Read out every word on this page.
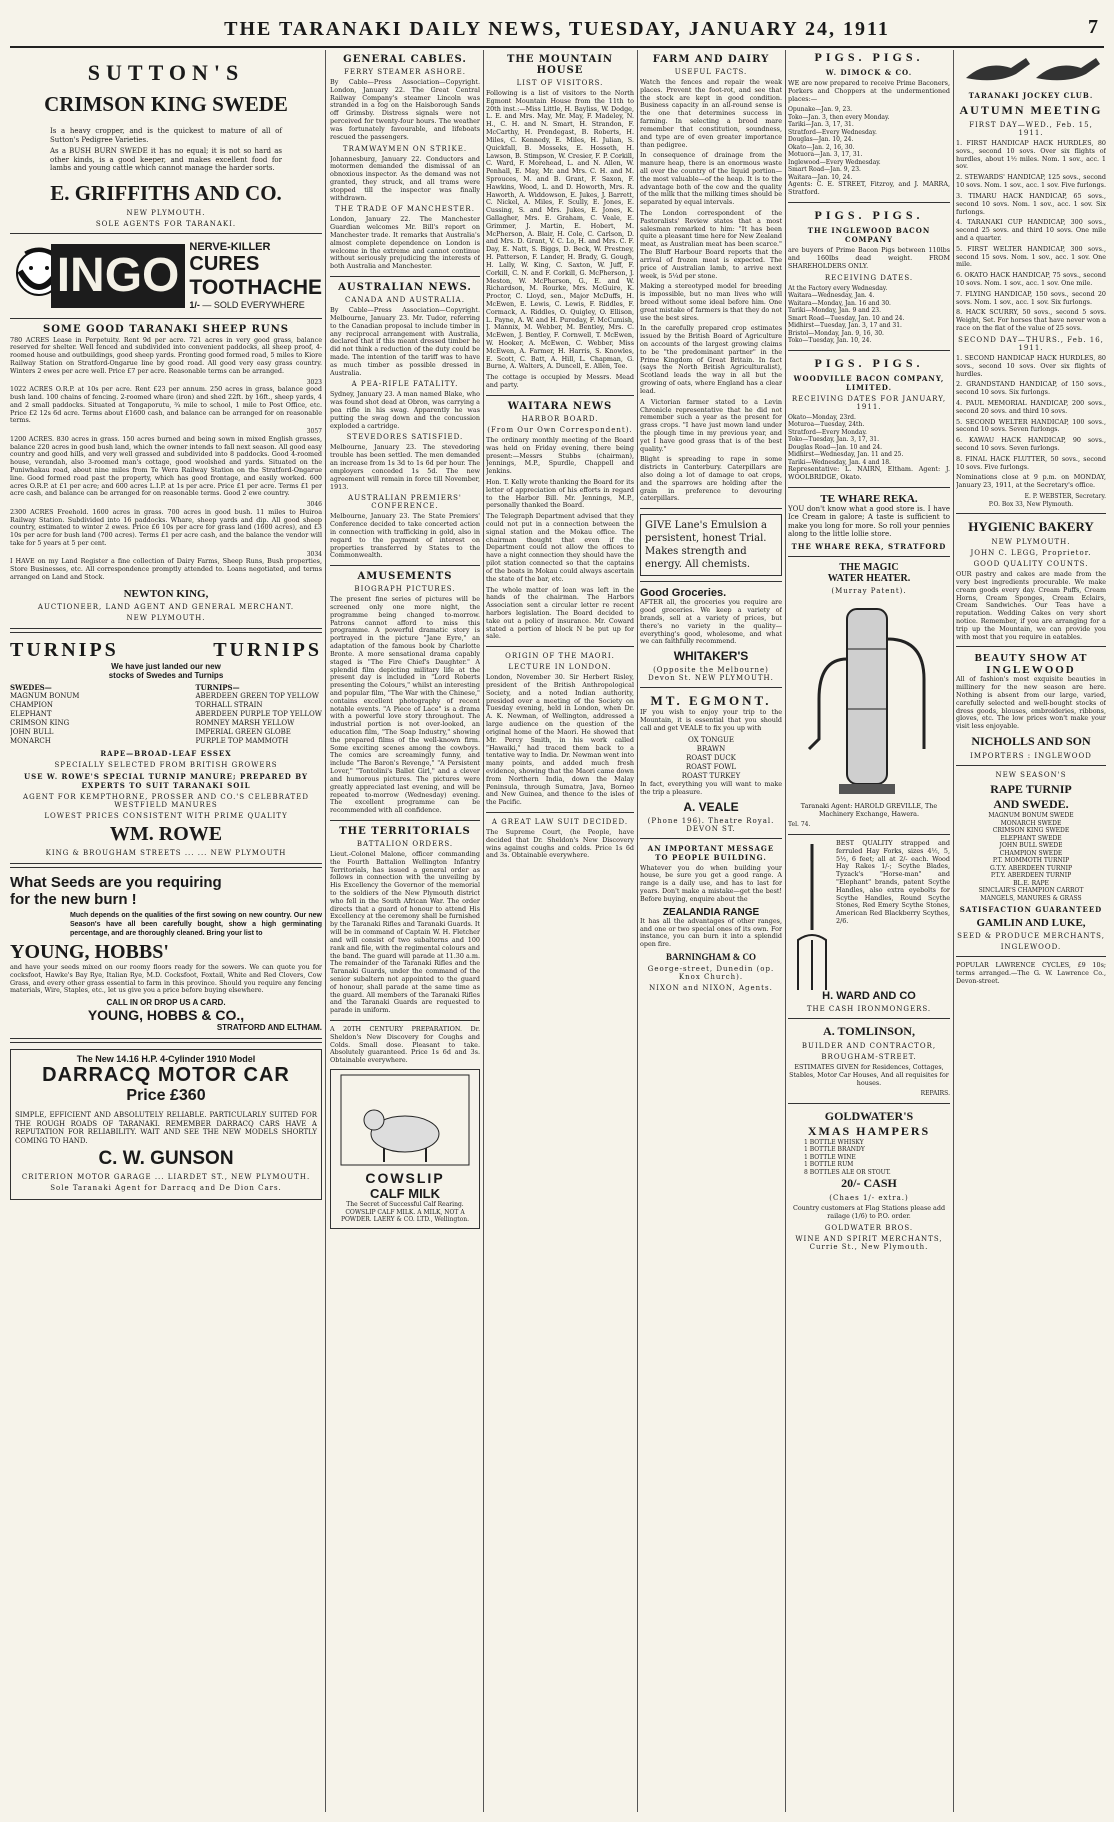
THE TARANAKI DAILY NEWS, TUESDAY, JANUARY 24, 1911	7
SUTTON'S
CRIMSON KING SWEDE

Is a heavy cropper, and is the quickest to mature of all of Sutton's Pedigree Varieties.

As a BUSH BURN SWEDE it has no equal; it is not so hard as other kinds, is a good keeper, and makes excellent food for lambs and young cattle which cannot manage the harder sorts.

E. GRIFFITHS AND CO.
NEW PLYMOUTH.
SOLE AGENTS FOR TARANAKI.
INGO
NERVE-KILLER
CURES
TOOTHACHE
1/- — SOLD EVERYWHERE
SOME GOOD TARANAKI SHEEP RUNS

780 ACRES Lease in Perpetuity. Rent 9d per acre. 721 acres in very good grass, balance reserved for shelter. Well fenced and subdivided into convenient paddocks, all sheep proof, 4-roomed house and outbuildings, good sheep yards. Fronting good formed road, 5 miles to Kiore Railway Station on Stratford-Ongarue line by good road. All good very easy grass country. Winters 2 ewes per acre well. Price £7 per acre. Reasonable terms can be arranged.

3023

1022 ACRES O.R.P. at 10s per acre. Rent £23 per annum. 250 acres in grass, balance good bush land. 100 chains of fencing. 2-roomed whare (iron) and shed 22ft. by 16ft., sheep yards, 4 and 2 small paddocks. Situated at Tongaporutu, ¾ mile to school, 1 mile to Post Office, etc. Price £2 12s 6d acre. Terms about £1600 cash, and balance can be arranged for on reasonable terms.

3057

1200 ACRES. 830 acres in grass. 150 acres burned and being sown in mixed English grasses, balance 220 acres in good bush land, which the owner intends to fall next season. All good easy country and good hills, and very well grassed and subdivided into 8 paddocks. Good 4-roomed house, verandah, also 3-roomed man's cottage, good woolshed and yards. Situated on the Puniwhakau road, about nine miles from Te Wera Railway Station on the Stratford-Ongarue line. Good formed road past the property, which has good frontage, and easily worked. 600 acres O.R.P. at £1 per acre; and 600 acres L.I.P. at 1s per acre. Price £1 per acre. Terms £1 per acre cash, and balance can be arranged for on reasonable terms. Good 2 ewe country.

3046

2300 ACRES Freehold. 1600 acres in grass. 700 acres in good bush. 11 miles to Huiroa Railway Station. Subdivided into 16 paddocks. Whare, sheep yards and dip. All good sheep country, estimated to winter 2 ewes. Price £6 10s per acre for grass land (1600 acres), and £3 10s per acre for bush land (700 acres). Terms £1 per acre cash, and the balance the vendor will take for 5 years at 5 per cent.

3034

I HAVE on my Land Register a fine collection of Dairy Farms, Sheep Runs, Bush properties, Store Businesses, etc. All correspondence promptly attended to. Loans negotiated, and terms arranged on Land and Stock.

NEWTON KING,
AUCTIONEER, LAND AGENT AND GENERAL MERCHANT.
NEW PLYMOUTH.
TURNIPS	TURNIPS
We have just landed our new
stocks of Swedes and Turnips
SWEDES—
MAGNUM BONUM
CHAMPION
ELEPHANT
CRIMSON KING
JOHN BULL
MONARCH
TURNIPS—
ABERDEEN GREEN TOP YELLOW
TORHALL STRAIN
ABERDEEN PURPLE TOP YELLOW
ROMNEY MARSH YELLOW
IMPERIAL GREEN GLOBE
PURPLE TOP MAMMOTH
RAPE—BROAD-LEAF ESSEX
SPECIALLY SELECTED FROM BRITISH GROWERS
USE W. ROWE'S SPECIAL TURNIP MANURE; PREPARED BY EXPERTS TO SUIT TARANAKI SOIL
AGENT FOR KEMPTHORNE, PROSSER AND CO.'S CELEBRATED WESTFIELD MANURES
LOWEST PRICES CONSISTENT WITH PRIME QUALITY
WM. ROWE
KING & BROUGHAM STREETS ... ... NEW PLYMOUTH
What Seeds are you requiring
for the new burn !

Much depends on the qualities of the first sowing on new country. Our new Season's have all been carefully bought, show a high germinating percentage, and are thoroughly cleaned. Bring your list to

YOUNG, HOBBS'

and have your seeds mixed on our roomy floors ready for the sowers. We can quote you for cocksfoot, Hawke's Bay Rye, Italian Rye, M.D. Cocksfoot, Foxtail, White and Red Clovers, Cow Grass, and every other grass essential to farm in this province. Should you require any fencing materials, Wire, Staples, etc., let us give you a price before buying elsewhere.

CALL IN OR DROP US A CARD.
YOUNG, HOBBS & CO.,
STRATFORD AND ELTHAM.
The New 14.16 H.P. 4-Cylinder 1910 Model
DARRACQ MOTOR CAR
Price £360

SIMPLE, EFFICIENT AND ABSOLUTELY RELIABLE. PARTICULARLY SUITED FOR THE ROUGH ROADS OF TARANAKI. REMEMBER DARRACQ CARS HAVE A REPUTATION FOR RELIABILITY. WAIT AND SEE THE NEW MODELS SHORTLY COMING TO HAND.

C. W. GUNSON
CRITERION MOTOR GARAGE ... LIARDET ST., NEW PLYMOUTH.
Sole Taranaki Agent for Darracq and De Dion Cars.
GENERAL CABLES.
FERRY STEAMER ASHORE.

By Cable—Press Association—Copyright. London, January 22. The Great Central Railway Company's steamer Lincoln was stranded in a fog on the Haisborough Sands off Grimsby. Distress signals were not perceived for twenty-four hours. The weather was fortunately favourable, and lifeboats rescued the passengers.

TRAMWAYMEN ON STRIKE.

Johannesburg, January 22. Conductors and motormen demanded the dismissal of an obnoxious inspector. As the demand was not granted, they struck, and all trams were stopped till the inspector was finally withdrawn.

THE TRADE OF MANCHESTER.

London, January 22. The Manchester Guardian welcomes Mr. Bill's report on Manchester trade. It remarks that Australia's almost complete dependence on London is welcome in the extreme and cannot continue without seriously prejudicing the interests of both Australia and Manchester.

AUSTRALIAN NEWS.
CANADA AND AUSTRALIA.

By Cable—Press Association—Copyright. Melbourne, January 23. Mr. Tudor, referring to the Canadian proposal to include timber in any reciprocal arrangement with Australia, declared that if this meant dressed timber he did not think a reduction of the duty could be made. The intention of the tariff was to have as much timber as possible dressed in Australia.

A PEA-RIFLE FATALITY.

Sydney, January 23. A man named Blake, who was found shot dead at Obron, was carrying a pea rifle in his swag. Apparently he was putting the swag down and the concussion exploded a cartridge.

STEVEDORES SATISFIED.

Melbourne, January 23. The stevedoring trouble has been settled. The men demanded an increase from 1s 3d to 1s 6d per hour. The employers conceded 1s 5d. The new agreement will remain in force till November, 1913.

AUSTRALIAN PREMIERS' CONFERENCE.

Melbourne, January 23. The State Premiers' Conference decided to take concerted action in connection with trafficking in gold, also in regard to the payment of interest on properties transferred by States to the Commonwealth.

AMUSEMENTS
BIOGRAPH PICTURES.

The present fine series of pictures will be screened only one more night, the programme being changed to-morrow. Patrons cannot afford to miss this programme. A powerful dramatic story is portrayed in the picture "Jane Eyre," an adaptation of the famous book by Charlotte Bronte. A more sensational drama capably staged is "The Fire Chief's Daughter." A splendid film depicting military life at the present day is included in "Lord Roberts presenting the Colours," whilst an interesting and popular film, "The War with the Chinese," contains excellent photography of recent notable events. "A Piece of Lace" is a drama with a powerful love story throughout. The industrial portion is not over-looked, an education film, "The Soap Industry," showing the prepared films of the well-known firm. Some exciting scenes among the cowboys. The comics are screamingly funny, and include "The Baron's Revenge," "A Persistent Lover," "Tontolini's Ballet Girl," and a clever and humorous pictures. The pictures were greatly appreciated last evening, and will be repeated to-morrow (Wednesday) evening. The excellent programme can be recommended with all confidence.

THE TERRITORIALS
BATTALION ORDERS.

Lieut.-Colonel Malone, officer commanding the Fourth Battalion Wellington Infantry Territorials, has issued a general order as follows in connection with the unveiling by His Excellency the Governor of the memorial to the soldiers of the New Plymouth district who fell in the South African War. The order directs that a guard of honour to attend His Excellency at the ceremony shall be furnished by the Taranaki Rifles and Taranaki Guards. It will be in command of Captain W. H. Fletcher and will consist of two subalterns and 100 rank and file, with the regimental colours and the band. The guard will parade at 11.30 a.m. The remainder of the Taranaki Rifles and the Taranaki Guards, under the command of the senior subaltern not appointed to the guard of honour, shall parade at the same time as the guard. All members of the Taranaki Rifles and the Taranaki Guards are requested to parade in uniform.

A 20TH CENTURY PREPARATION. Dr. Sheldon's New Discovery for Coughs and Colds. Small dose. Pleasant to take. Absolutely guaranteed. Price 1s 6d and 3s. Obtainable everywhere.

COWSLIP
CALF MILK
The Secret of Successful Calf Rearing. COWSLIP CALF MILK. A MILK, NOT A POWDER. LAERY & CO. LTD., Wellington.
THE MOUNTAIN HOUSE
LIST OF VISITORS.

Following is a list of visitors to the North Egmont Mountain House from the 11th to 20th inst.:—Miss Little, H. Bayliss, W. Dodge, L. E. and Mrs. May, Mr. May, F. Madeley, N. H., C. H. and N. Smart, H. Strandon, F. McCarthy, H. Prendegast, B. Roberts, H. Miles, C. Kennedy, E. Miles, H. Julian, S. Quickfall, B. Mosseks, E. Hosseth, H. Lawson, B. Stimpson, W. Cresier, F. P. Corkill, C. Ward, F. Morehead, L. and N. Allen, W. Penhall, E. May, Mr. and Mrs. C. H. and M. Sprouces, M. and B. Grant, F. Saxon, F. Hawkins, Wood, L. and D. Howorth, Mrs. R. Haworth, A. Widdowson, E. Jukes, J. Barrett, C. Nickel, A. Miles, F. Scully, E. Jones, E. Cussing, S. and Mrs. Jukes, E. Jones, K. Gallagher, Mrs. E. Graham, C. Veale, E. Grimmer, J. Martin, E. Hobert, M. McPherson, A. Blair, H. Cole, C. Carlson, D. and Mrs. D. Grant, V. C. Lo, H. and Mrs. C. F. Day, E. Natt, S. Biggs, D. Beck, W. Prestney, H. Patterson, F. Lander, H. Brady, G. Gough, H. Lally, W. King, C. Saxton, W. Juff, F. Corkill, C. N. and F. Corkill, G. McPherson, J. Meston, W. McPherson, G., E. and W. Richardson, M. Rourke, Mrs. McGuire, K. Proctor, C. Lloyd, sen., Major McDuffs, H. McEwen, E. Lewis, C. Lewis, F. Riddles, F. Cormack, A. Riddles, O. Quigley, O. Ellison, L. Payne, A. W. and H. Pureday, F. McCumish, J. Mannix, M. Webber, M. Bentley, Mrs. C. McEwen, J. Bentley, F. Cornwell, T. McEwen, W. Hooker, A. McEwen, C. Webber, Miss McEwen, A. Farmer, H. Harris, S. Knowles, E. Scott, C. Batt, A. Hill, L. Chapman, G. Burne, A. Walters, A. Duncell, E. Allen, Tee.

The cottage is occupied by Messrs. Mead and party.

WAITARA NEWS
HARBOR BOARD.
(From Our Own Correspondent).

The ordinary monthly meeting of the Board was held on Friday evening, there being present:—Messrs Stubbs (chairman), Jennings, M.P., Spurdle, Chappell and Jenkins.

Hon. T. Kelly wrote thanking the Board for its letter of appreciation of his efforts in regard to the Harbor Bill. Mr. Jennings, M.P., personally thanked the Board.

The Telegraph Department advised that they could not put in a connection between the signal station and the Mokau office. The chairman thought that even if the Department could not allow the offices to have a night connection they should have the pilot station connected so that the captains of the boats in Mokau could always ascertain the state of the bar, etc.

The whole matter of loan was left in the hands of the chairman. The Harbors Association sent a circular letter re recent harbors legislation. The Board decided to take out a policy of insurance. Mr. Coward stated a portion of block N be put up for sale.

ORIGIN OF THE MAORI.
LECTURE IN LONDON.

London, November 30. Sir Herbert Risley, president of the British Anthropological Society, and a noted Indian authority, presided over a meeting of the Society on Tuesday evening, held in London, when Dr. A. K. Newman, of Wellington, addressed a large audience on the question of the original home of the Maori. He showed that Mr. Percy Smith, in his work called "Hawaiki," had traced them back to a tentative way to India. Dr. Newman went into many points, and added much fresh evidence, showing that the Maori came down from Northern India, down the Malay Peninsula, through Sumatra, Java, Borneo and New Guinea, and thence to the isles of the Pacific.

A GREAT LAW SUIT DECIDED.

The Supreme Court, (he People, have decided that Dr. Sheldon's New Discovery wins against coughs and colds. Price 1s 6d and 3s. Obtainable everywhere.

FARM AND DAIRY
USEFUL FACTS.

Watch the fences and repair the weak places. Prevent the foot-rot, and see that the stock are kept in good condition. Business capacity in an all-round sense is the one that determines success in farming. In selecting a brood mare remember that constitution, soundness, and type are of even greater importance than pedigree.

In consequence of drainage from the manure heap, there is an enormous waste all over the country of the liquid portion—the most valuable—of the heap. It is to the advantage both of the cow and the quality of the milk that the milking times should be separated by equal intervals.

The London correspondent of the Pastoralists' Review states that a most salesman remarked to him: "It has been quite a pleasant time here for New Zealand meat, as Australian meat has been scarce." The Bluff Harbour Board reports that the arrival of frozen meat is expected. The price of Australian lamb, to arrive next week, is 5¼d per stone.

Making a stereotyped model for breeding is impossible, but no man lives who will breed without some ideal before him. One great mistake of farmers is that they do not use the best sires.

In the carefully prepared crop estimates issued by the British Board of Agriculture on accounts of the largest growing claims to be "the predominant partner" in the Prime Kingdom of Great Britain. In fact (says the North British Agriculturalist), Scotland leads the way in all but the growing of oats, where England has a clear lead.

A Victorian farmer stated to a Levin Chronicle representative that he did not remember such a year as the present for grass crops. "I have just mown land under the plough time in my previous year, and yet I have good grass that is of the best quality."

Blight is spreading to rape in some districts in Canterbury. Caterpillars are also doing a lot of damage to oat crops, and the sparrows are holding after the grain in preference to devouring caterpillars.

GIVE Lane's Emulsion a persistent, honest Trial. Makes strength and energy. All chemists.
Good Groceries.

AFTER all, the groceries you require are good groceries. We keep a variety of brands, sell at a variety of prices, but there's no variety in the quality—everything's good, wholesome, and what we can faithfully recommend.

WHITAKER'S
(Opposite the Melbourne) Devon St. NEW PLYMOUTH.
MT. EGMONT.

IF you wish to enjoy your trip to the Mountain, it is essential that you should call and get VEALE to fix you up with

OX TONGUE
BRAWN
ROAST DUCK
ROAST FOWL
ROAST TURKEY

In fact, everything you will want to make the trip a pleasure.

A. VEALE
(Phone 196). Theatre Royal. DEVON ST.
AN IMPORTANT MESSAGE TO PEOPLE BUILDING.

Whatever you do when building your house, be sure you get a good range. A range is a daily use, and has to last for years. Don't make a mistake—get the best! Before buying, enquire about the

ZEALANDIA RANGE

It has all the advantages of other ranges, and one or two special ones of its own. For instance, you can burn it into a splendid open fire.

BARNINGHAM & CO
George-street, Dunedin (op. Knox Church).
NIXON and NIXON, Agents.
PIGS. PIGS.
W. DIMOCK & CO.

WE are now prepared to receive Prime Baconers, Porkers and Choppers at the undermentioned places:—

Opunake—Jan. 9, 23.
Toko—Jan. 3, then every Monday.
Tariki—Jan. 3, 17, 31.
Stratford—Every Wednesday.
Douglas—Jan. 10, 24.
Okato—Jan. 2, 16, 30.
Motuora—Jan. 3, 17, 31.
Inglewood—Every Wednesday.
Smart Road—Jan. 9, 23.
Waitara—Jan. 10, 24.

Agents: C. E. STREET, Fitzroy, and J. MARRA, Stratford.

PIGS. PIGS.
THE INGLEWOOD BACON COMPANY

are buyers of Prime Bacon Pigs between 110lbs and 160lbs dead weight. FROM SHAREHOLDERS ONLY.

RECEIVING DATES.
At the Factory every Wednesday.
Waitara—Wednesday, Jan. 4.
Waitara—Monday, Jan. 16 and 30.
Tariki—Monday, Jan. 9 and 23.
Smart Road—Tuesday, Jan. 10 and 24.
Midhirst—Tuesday, Jan. 3, 17 and 31.
Bristol—Monday, Jan. 9, 16, 30.
Toko—Tuesday, Jan. 10, 24.
PIGS. PIGS.
WOODVILLE BACON COMPANY, LIMITED.
RECEIVING DATES FOR JANUARY, 1911.
Okato—Monday, 23rd.
Moturoa—Tuesday, 24th.
Stratford—Every Monday.
Toko—Tuesday, Jan. 3, 17, 31.
Douglas Road—Jan. 10 and 24.
Midhirst—Wednesday, Jan. 11 and 25.
Tariki—Wednesday, Jan. 4 and 18.

Representative: L. NAIRN, Eltham. Agent: J. WOOLBRIDGE, Okato.

TE WHARE REKA.

YOU don't know what a good store is. I have Ice Cream in galore; A taste is sufficient to make you long for more. So roll your pennies along to the little lollie store.

THE WHARE REKA, STRATFORD
THE MAGIC
WATER HEATER.
(Murray Patent).

Taranaki Agent: HAROLD GREVILLE, The Machinery Exchange, Hawera.

Tel. 74.

BEST QUALITY strapped and ferruled Hay Forks, sizes 4½, 5, 5½, 6 feet; all at 2/- each. Wood Hay Rakes 1/-; Scythe Blades, Tyzack's "Horse-man" and "Elephant" brands, patent Scythe Handles, also extra eyebolts for Scythe Handles, Round Scythe Stones, Red Emery Scythe Stones, American Red Blackberry Scythes, 2/6.

H. WARD AND CO
THE CASH IRONMONGERS.
A. TOMLINSON,
BUILDER AND CONTRACTOR,
BROUGHAM-STREET.

ESTIMATES GIVEN for Residences, Cottages, Stables, Motor Car Houses, And all requisites for houses.

REPAIRS.
GOLDWATER'S
XMAS HAMPERS
1 BOTTLE WHISKY
1 BOTTLE BRANDY
1 BOTTLE WINE
1 BOTTLE RUM
8 BOTTLES ALE OR STOUT.
20/- CASH
(Chaes 1/- extra.)

Country customers at Flag Stations please add railage (1/6) to P.O. order.

GOLDWATER BROS.
WINE AND SPIRIT MERCHANTS, Currie St., New Plymouth.
TARANAKI JOCKEY CLUB.
AUTUMN MEETING
FIRST DAY—WED., Feb. 15, 1911.

1. FIRST HANDICAP HACK HURDLES, 80 sovs., second 10 sovs. Over six flights of hurdles, about 1½ miles. Nom. 1 sov., acc. 1 sov.

2. STEWARDS' HANDICAP, 125 sovs., second 10 sovs. Nom. 1 sov., acc. 1 sov. Five furlongs.

3. TIMARU HACK HANDICAP, 65 sovs., second 10 sovs. Nom. 1 sov., acc. 1 sov. Six furlongs.

4. TARANAKI CUP HANDICAP, 300 sovs., second 25 sovs. and third 10 sovs. One mile and a quarter.

5. FIRST WELTER HANDICAP, 300 sovs., second 15 sovs. Nom. 1 sov., acc. 1 sov. One mile.

6. OKATO HACK HANDICAP, 75 sovs., second 10 sovs. Nom. 1 sov., acc. 1 sov. One mile.

7. FLYING HANDICAP, 150 sovs., second 20 sovs. Nom. 1 sov., acc. 1 sov. Six furlongs.

8. HACK SCURRY, 50 sovs., second 5 sovs. Weight, Set. For horses that have never won a race on the flat of the value of 25 sovs.

SECOND DAY—THURS., Feb. 16, 1911.

1. SECOND HANDICAP HACK HURDLES, 80 sovs., second 10 sovs. Over six flights of hurdles.

2. GRANDSTAND HANDICAP, of 150 sovs., second 10 sovs. Six furlongs.

4. PAUL MEMORIAL HANDICAP, 200 sovs., second 20 sovs. and third 10 sovs.

5. SECOND WELTER HANDICAP, 100 sovs., second 10 sovs. Seven furlongs.

6. KAWAU HACK HANDICAP, 90 sovs., second 10 sovs. Seven furlongs.

8. FINAL HACK FLUTTER, 50 sovs., second 10 sovs. Five furlongs.

Nominations close at 9 p.m. on MONDAY, January 23, 1911, at the Secretary's office.

E. P. WEBSTER, Secretary.
P.O. Box 33, New Plymouth.
HYGIENIC BAKERY
NEW PLYMOUTH.
JOHN C. LEGG, Proprietor.
GOOD QUALITY COUNTS.

OUR pastry and cakes are made from the very best ingredients procurable. We make cream goods every day. Cream Puffs, Cream Horns, Cream Sponges, Cream Eclairs, Cream Sandwiches. Our Teas have a reputation. Wedding Cakes on very short notice. Remember, if you are arranging for a trip up the Mountain, we can provide you with most that you require in eatables.

BEAUTY SHOW AT
INGLEWOOD

All of fashion's most exquisite beauties in millinery for the new season are here. Nothing is absent from our large, varied, carefully selected and well-bought stocks of dress goods, blouses, embroideries, ribbons, gloves, etc. The low prices won't make your visit less enjoyable.

NICHOLLS AND SON
IMPORTERS : INGLEWOOD
NEW SEASON'S
RAPE TURNIP
AND SWEDE.
MAGNUM BONUM SWEDE
MONARCH SWEDE
CRIMSON KING SWEDE
ELEPHANT SWEDE
JOHN BULL SWEDE
CHAMPION SWEDE
P.T. MOMMOTH TURNIP
G.T.Y. ABERDEEN TURNIP
P.T.Y. ABERDEEN TURNIP
BL.E. RAPE
SINCLAIR'S CHAMPION CARROT
MANGELS, MANURES & GRASS
SATISFACTION GUARANTEED
GAMLIN AND LUKE,
SEED & PRODUCE MERCHANTS,
INGLEWOOD.

POPULAR LAWRENCE CYCLES, £9 10s; terms arranged.—The G. W. Lawrence Co., Devon-street.
